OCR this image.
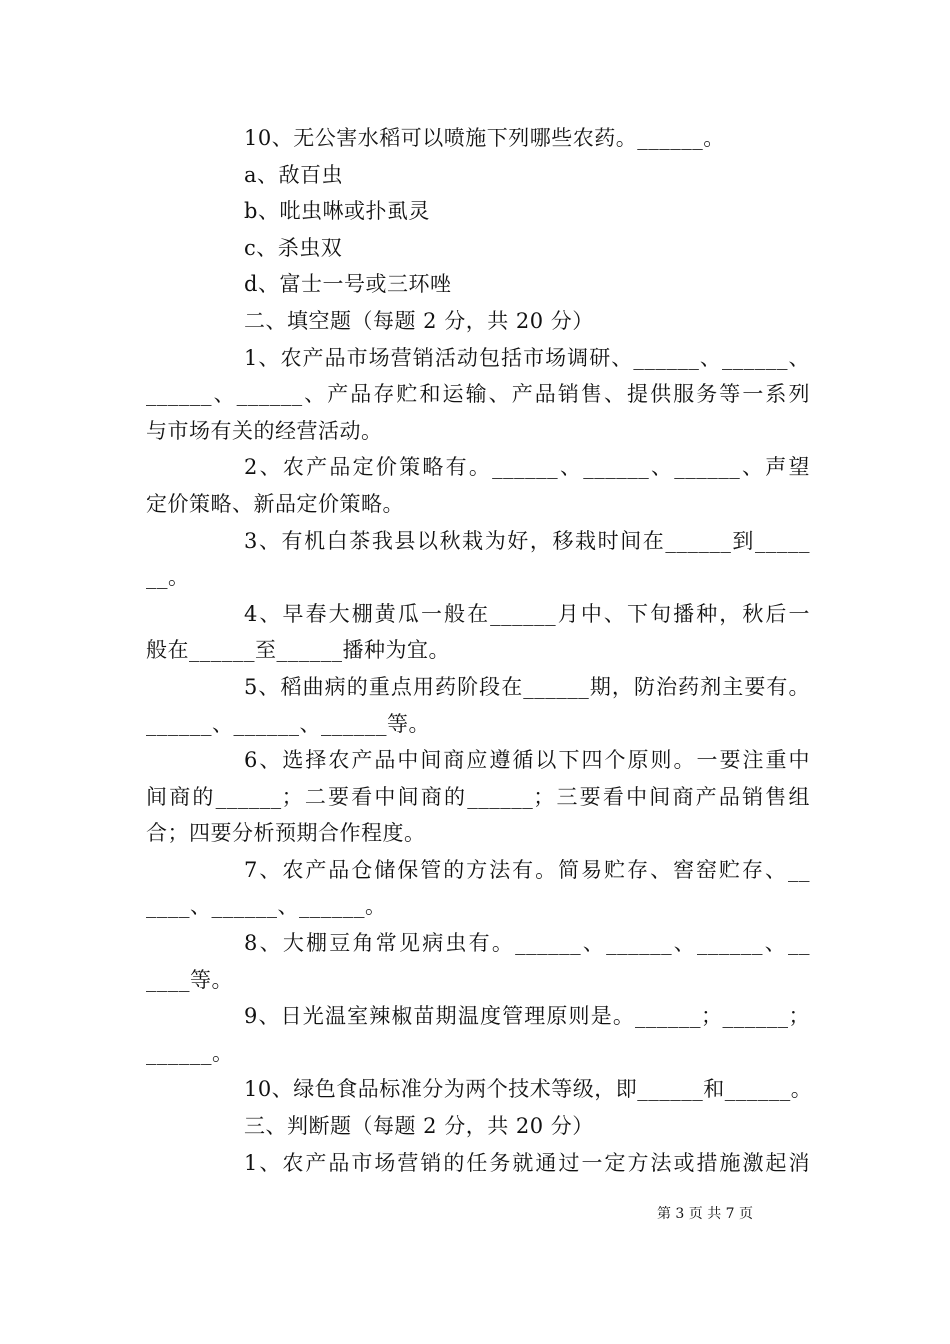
10、无公害水稻可以喷施下列哪些农药。______。
a、敌百虫
b、吡虫啉或扑虱灵
c、杀虫双
d、富士一号或三环唑
二、填空题（每题 2 分，共 20 分）
1、农产品市场营销活动包括市场调研、______、______、
______、______、产品存贮和运输、产品销售、提供服务等一系列
与市场有关的经营活动。
2、农产品定价策略有。______、______、______、声望
定价策略、新品定价策略。
3、有机白茶我县以秋栽为好，移栽时间在______到_____
__。
4、早春大棚黄瓜一般在______月中、下旬播种，秋后一
般在______至______播种为宜。
5、稻曲病的重点用药阶段在______期，防治药剂主要有。
______、______、______等。
6、选择农产品中间商应遵循以下四个原则。一要注重中
间商的______；二要看中间商的______；三要看中间商产品销售组
合；四要分析预期合作程度。
7、农产品仓储保管的方法有。简易贮存、窖窑贮存、__
____、______、______。
8、大棚豆角常见病虫有。______、______、______、__
____等。
9、日光温室辣椒苗期温度管理原则是。______；______；
______。
10、绿色食品标准分为两个技术等级，即______和______。
三、判断题（每题 2 分，共 20 分）
1、农产品市场营销的任务就通过一定方法或措施激起消
第 3 页 共 7 页
